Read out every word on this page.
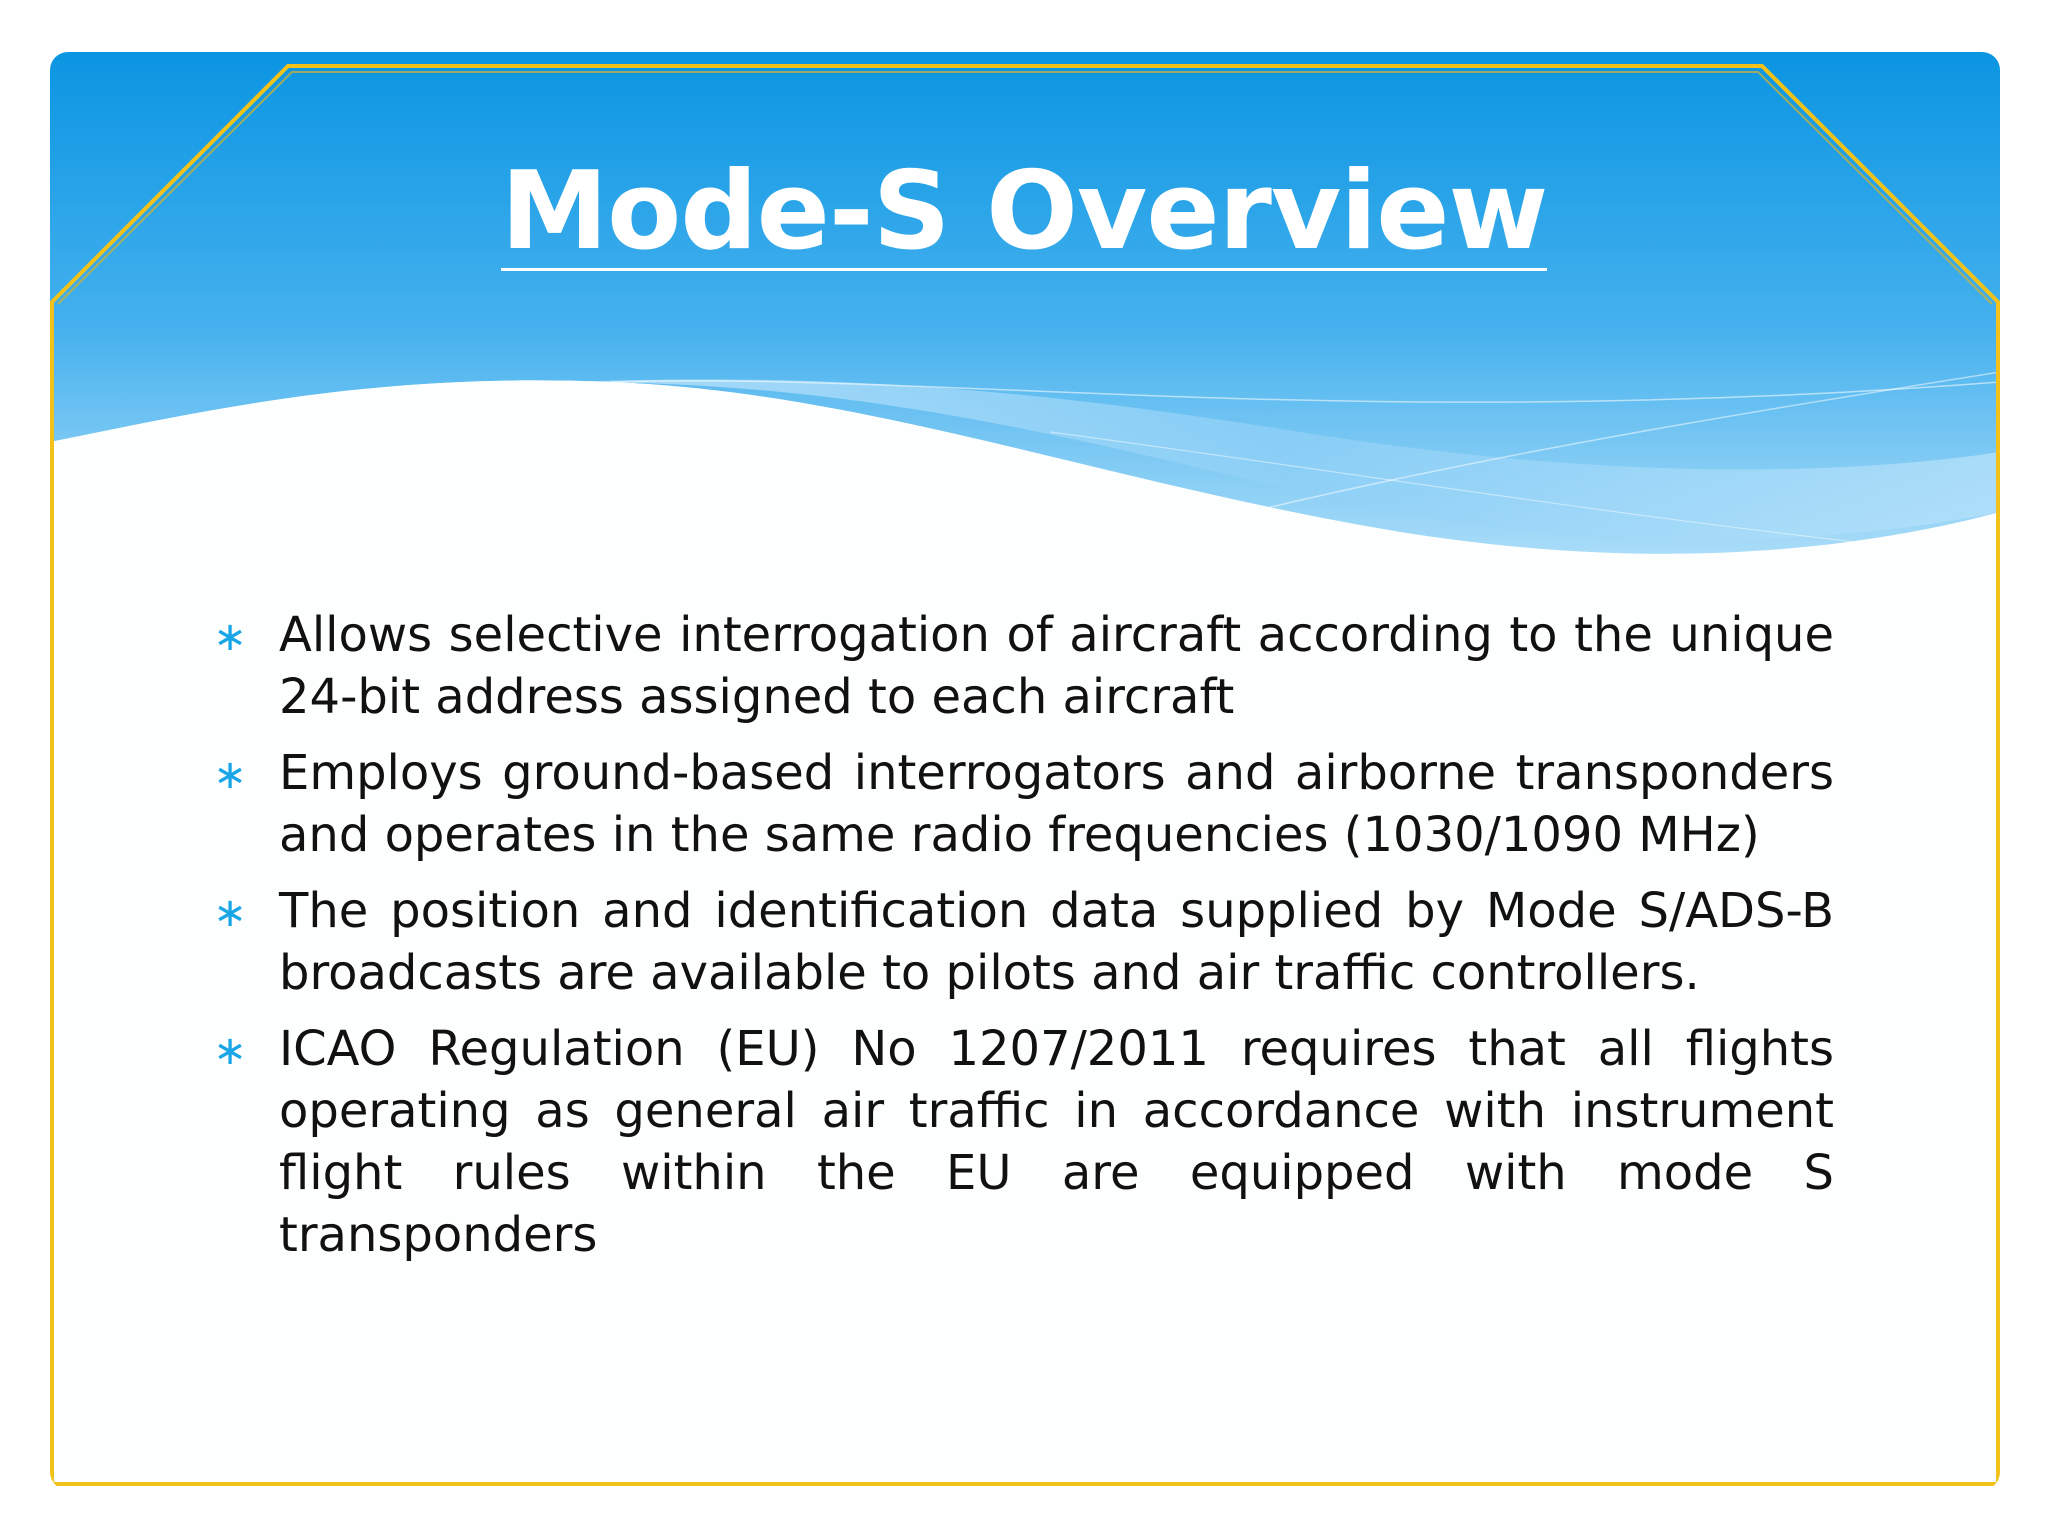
Mode-S Overview
∗ Allows selective interrogation of aircraft according to the unique 24-bit address assigned to each aircraft
∗ Employs ground-based interrogators and airborne transponders and operates in the same radio frequencies (1030/1090 MHz)
∗ The position and identification data supplied by Mode S/ADS-B broadcasts are available to pilots and air traffic controllers.
∗ ICAO Regulation (EU) No 1207/2011 requires that all flights operating as general air traffic in accordance with instrument flight rules within the EU are equipped with mode S transponders
